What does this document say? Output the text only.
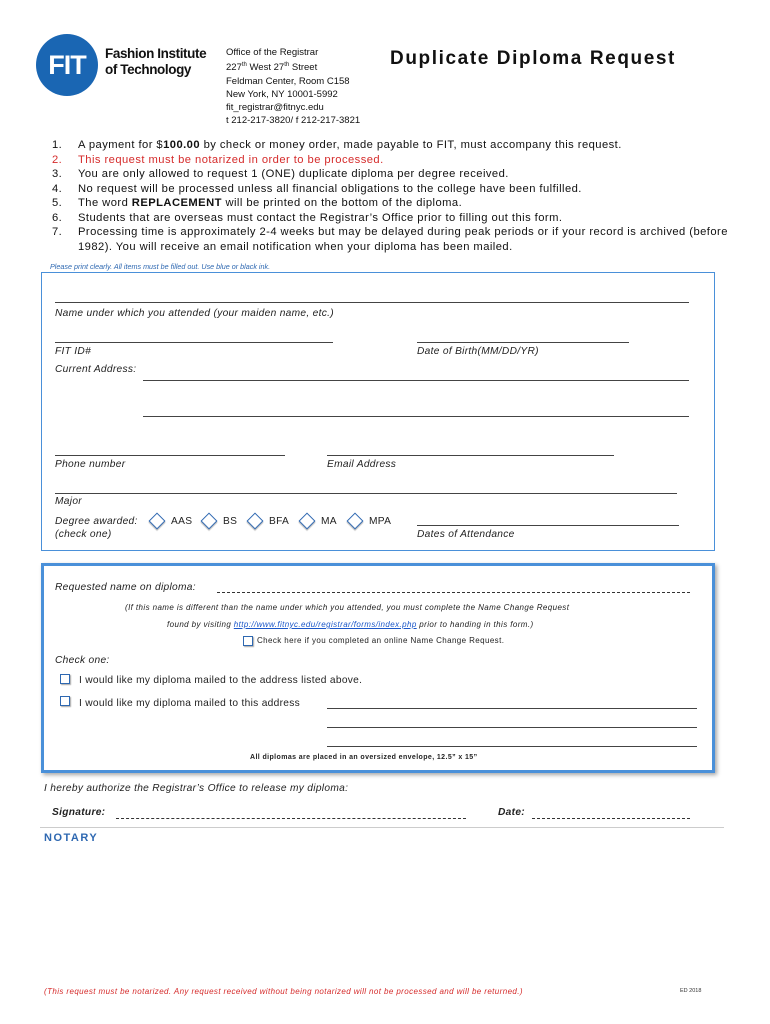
FIT Fashion Institute
of Technology
Office of the Registrar
227th West 27th Street
Feldman Center, Room C158
New York, NY 10001-5992
fit_registrar@fitnyc.edu
t 212-217-3820/ f 212-217-3821
Duplicate Diploma Request
1.	A payment for $100.00 by check or money order, made payable to FIT, must accompany this request.
2.	This request must be notarized in order to be processed.
3.	You are only allowed to request 1 (ONE) duplicate diploma per degree received.
4.	No request will be processed unless all financial obligations to the college have been fulfilled.
5.	The word REPLACEMENT will be printed on the bottom of the diploma.
6.	Students that are overseas must contact the Registrar’s Office prior to filling out this form.
7.	Processing time is approximately 2-4 weeks but may be delayed during peak periods or if your record is archived (before 1982). You will receive an email notification when your diploma has been mailed.
Please print clearly. All items must be filled out. Use blue or black ink.
Name under which you attended (your maiden name, etc.)
FIT ID#	Date of Birth(MM/DD/YR)
Current Address:
Phone number	Email Address
Major
Degree awarded:
(check one)
AAS	BS	BFA	MA	MPA
Dates of Attendance
Requested name on diploma:
(If this name is different than the name under which you attended, you must complete the Name Change Request
found by visiting http://www.fitnyc.edu/registrar/forms/index.php prior to handing in this form.)
Check here if you completed an online Name Change Request.
Check one:
I would like my diploma mailed to the address listed above.
I would like my diploma mailed to this address
All diplomas are placed in an oversized envelope, 12.5” x 15”
I hereby authorize the Registrar’s Office to release my diploma:
Signature:	Date:
NOTARY
(This request must be notarized. Any request received without being notarized will not be processed and will be returned.)	ED 2018
